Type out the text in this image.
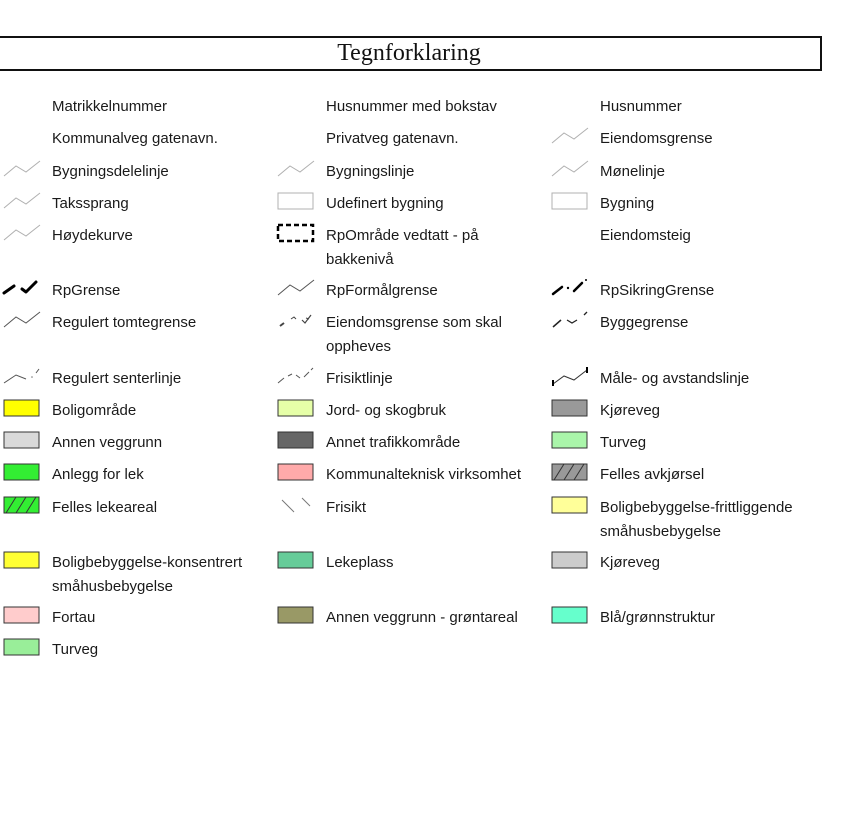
Tegnforklaring
Matrikkelnummer
Kommunalveg gatenavn.
Bygningsdelelinje
Takssprang
Høydekurve
RpGrense
Regulert tomtegrense
Regulert senterlinje
Boligområde
Annen veggrunn
Anlegg for lek
Felles lekeareal
Boligbebyggelse-konsentrert småhusbebygelse
Fortau
Turveg
Husnummer med bokstav
Privatveg gatenavn.
Bygningslinje
Udefinert bygning
RpOmråde vedtatt - på bakkenivå
RpFormålgrense
Eiendomsgrense som skal oppheves
Frisiktlinje
Jord- og skogbruk
Annet trafikkområde
Kommunalteknisk virksomhet
Frisikt
Lekeplass
Annen veggrunn - grøntareal
Husnummer
Eiendomsgrense
Mønelinje
Bygning
Eiendomsteig
RpSikringGrense
Byggegrense
Måle- og avstandslinje
Kjøreveg
Turveg
Felles avkjørsel
Boligbebyggelse-frittliggende småhusbebygelse
Kjøreveg
Blå/grønnstruktur
